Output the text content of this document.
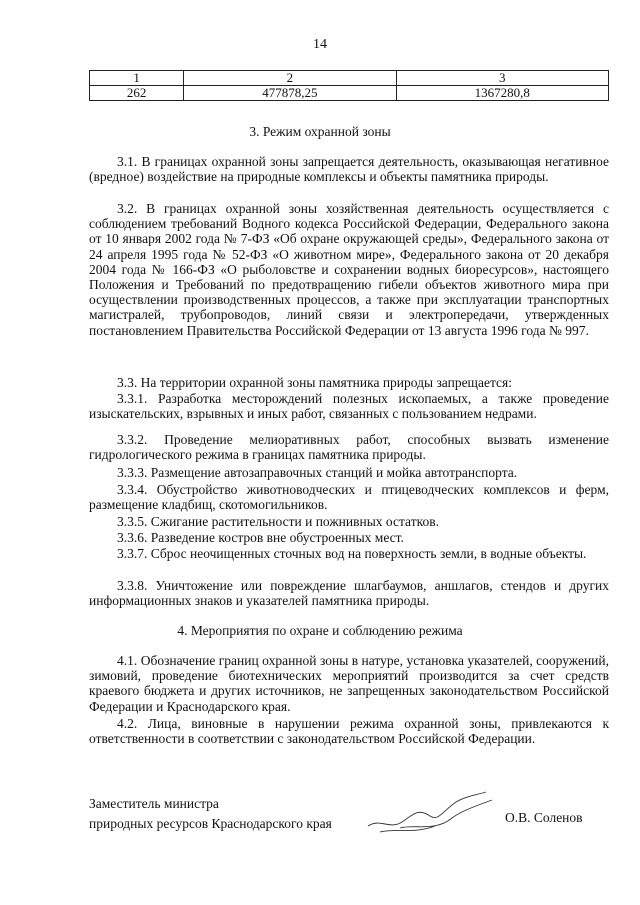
14
1	2	3
262	477878,25	1367280,8
3. Режим охранной зоны
3.1. В границах охранной зоны запрещается деятельность, оказывающая негативное (вредное) воздействие на природные комплексы и объекты памятника природы.
3.2. В границах охранной зоны хозяйственная деятельность осуществляется с соблюдением требований Водного кодекса Российской Федерации, Федерального закона от 10 января 2002 года № 7-ФЗ «Об охране окружающей среды», Федерального закона от 24 апреля 1995 года № 52-ФЗ «О животном мире», Федерального закона от 20 декабря 2004 года № 166-ФЗ «О рыболовстве и сохранении водных биоресурсов», настоящего Положения и Требований по предотвращению гибели объектов животного мира при осуществлении производственных процессов, а также при эксплуатации транспортных магистралей, трубопроводов, линий связи и электропередачи, утвержденных постановлением Правительства Российской Федерации от 13 августа 1996 года № 997.
3.3. На территории охранной зоны памятника природы запрещается:
3.3.1. Разработка месторождений полезных ископаемых, а также проведение изыскательских, взрывных и иных работ, связанных с пользованием недрами.
3.3.2. Проведение мелиоративных работ, способных вызвать изменение гидрологического режима в границах памятника природы.
3.3.3. Размещение автозаправочных станций и мойка автотранспорта.
3.3.4. Обустройство животноводческих и птицеводческих комплексов и ферм, размещение кладбищ, скотомогильников.
3.3.5. Сжигание растительности и пожнивных остатков.
3.3.6. Разведение костров вне обустроенных мест.
3.3.7. Сброс неочищенных сточных вод на поверхность земли, в водные объекты.
3.3.8. Уничтожение или повреждение шлагбаумов, аншлагов, стендов и других информационных знаков и указателей памятника природы.
4. Мероприятия по охране и соблюдению режима
4.1. Обозначение границ охранной зоны в натуре, установка указателей, сооружений, зимовий, проведение биотехнических мероприятий производится за счет средств краевого бюджета и других источников, не запрещенных законодательством Российской Федерации и Краснодарского края.
4.2. Лица, виновные в нарушении режима охранной зоны, привлекаются к ответственности в соответствии с законодательством Российской Федерации.
Заместитель министра
природных ресурсов Краснодарского края	О.В. Соленов
